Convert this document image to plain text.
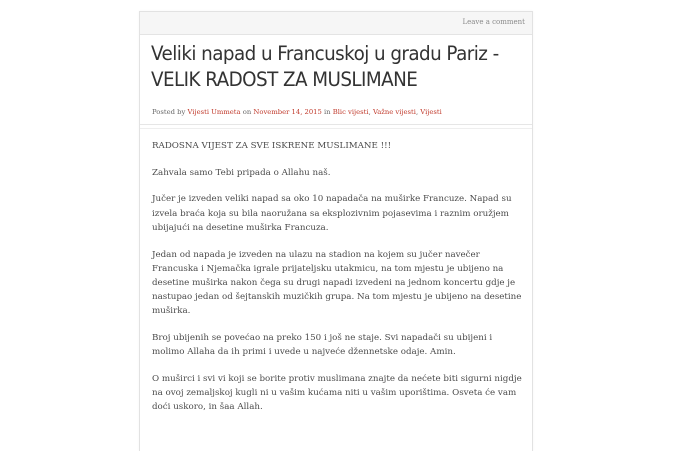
Leave a comment
Veliki napad u Francuskoj u gradu Pariz - VELIK RADOST ZA MUSLIMANE
Posted by Vijesti Ummeta on November 14, 2015 in Blic vijesti, Važne vijesti, Vijesti

RADOSNA VIJEST ZA SVE ISKRENE MUSLIMANE !!!

Zahvala samo Tebi pripada o Allahu naš.

Jučer je izveden veliki napad sa oko 10 napadača na muširke Francuze. Napad su izvela braća koja su bila naoružana sa eksplozivnim pojasevima i raznim oružjem ubijajući na desetine muširka Francuza.

Jedan od napada je izveden na ulazu na stadion na kojem su jučer navečer Francuska i Njemačka igrale prijateljsku utakmicu, na tom mjestu je ubijeno na desetine muširka nakon čega su drugi napadi izvedeni na jednom koncertu gdje je nastupao jedan od šejtanskih muzičkih grupa. Na tom mjestu je ubijeno na desetine muširka.

Broj ubijenih se povećao na preko 150 i još ne staje. Svi napadači su ubijeni i molimo Allaha da ih primi i uvede u najveće džennetske odaje. Amin.

O muširci i svi vi koji se borite protiv muslimana znajte da nećete biti sigurni nigdje na ovoj zemaljskoj kugli ni u vašim kućama niti u vašim uporištima. Osveta će vam doći uskoro, in šaa Allah.
